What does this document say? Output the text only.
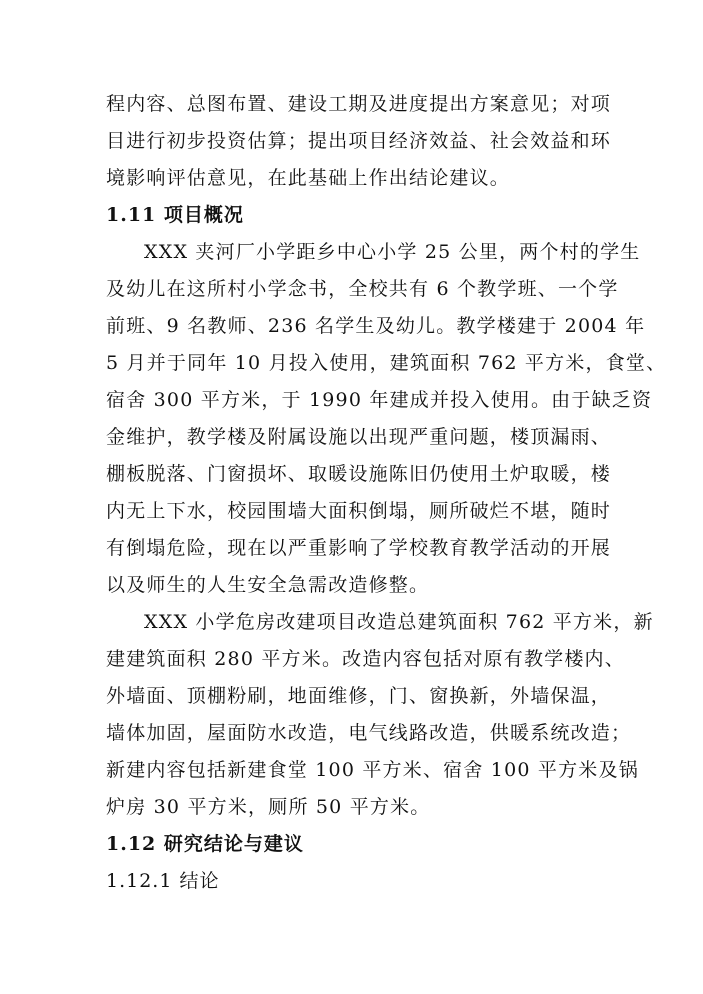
程内容、总图布置、建设工期及进度提出方案意见；对项
目进行初步投资估算；提出项目经济效益、社会效益和环
境影响评估意见，在此基础上作出结论建议。
1.11 项目概况
XXX 夹河厂小学距乡中心小学 25 公里，两个村的学生
及幼儿在这所村小学念书，全校共有 6 个教学班、一个学
前班、9 名教师、236 名学生及幼儿。教学楼建于 2004 年
5 月并于同年 10 月投入使用，建筑面积 762 平方米，食堂、
宿舍 300 平方米，于 1990 年建成并投入使用。由于缺乏资
金维护，教学楼及附属设施以出现严重问题，楼顶漏雨、
棚板脱落、门窗损坏、取暖设施陈旧仍使用土炉取暖，楼
内无上下水，校园围墙大面积倒塌，厕所破烂不堪，随时
有倒塌危险，现在以严重影响了学校教育教学活动的开展
以及师生的人生安全急需改造修整。
XXX 小学危房改建项目改造总建筑面积 762 平方米，新
建建筑面积 280 平方米。改造内容包括对原有教学楼内、
外墙面、顶棚粉刷，地面维修，门、窗换新，外墙保温，
墙体加固，屋面防水改造，电气线路改造，供暖系统改造；
新建内容包括新建食堂 100 平方米、宿舍 100 平方米及锅
炉房 30 平方米，厕所 50 平方米。
1.12 研究结论与建议
1.12.1 结论
